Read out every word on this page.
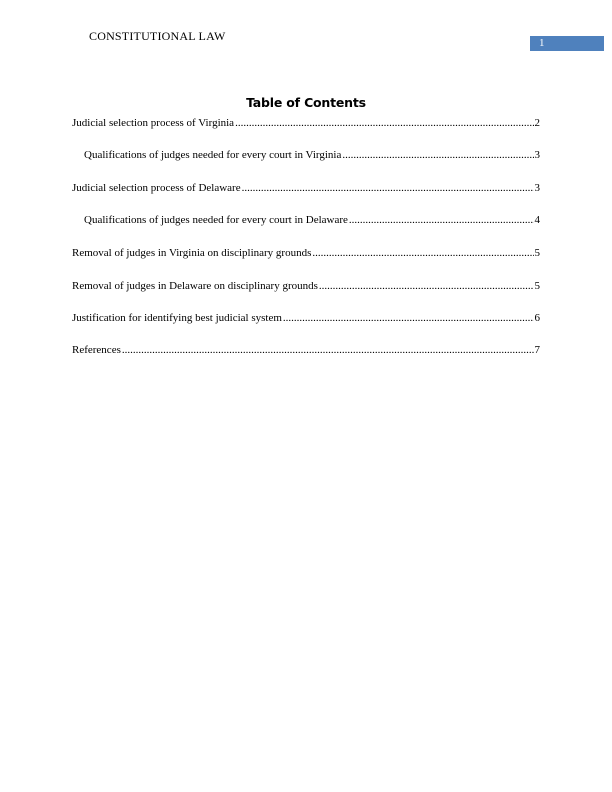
CONSTITUTIONAL LAW	1
Table of Contents
Judicial selection process of Virginia .....	2
Qualifications of judges needed for every court in Virginia .....	3
Judicial selection process of Delaware .....	3
Qualifications of judges needed for every court in Delaware .....	4
Removal of judges in Virginia on disciplinary grounds .....	5
Removal of judges in Delaware on disciplinary grounds .....	5
Justification for identifying best judicial system .....	6
References .....	7
